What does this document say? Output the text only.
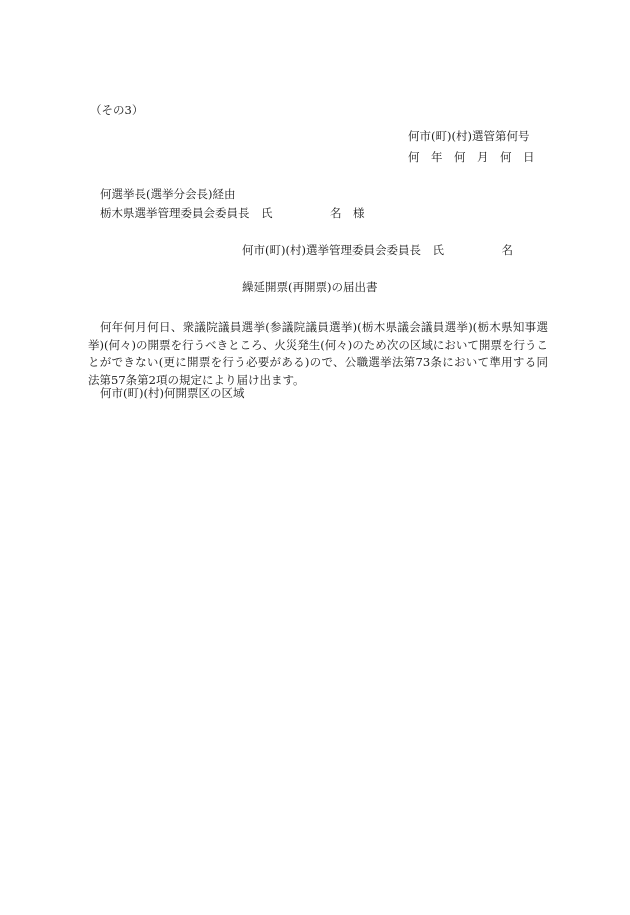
（その3）

何市(町)(村)選管第何号

何　年　何　月　何　日

何選挙長(選挙分会長)経由

栃木県選挙管理委員会委員長　氏　　　　　名　様

何市(町)(村)選挙管理委員会委員長　氏　　　　　名

繰延開票(再開票)の届出書

何年何月何日、衆議院議員選挙(参議院議員選挙)(栃木県議会議員選挙)(栃木県知事選挙)(何々)の開票を行うべきところ、火災発生(何々)のため次の区域において開票を行うことができない(更に開票を行う必要がある)ので、公職選挙法第73条において準用する同法第57条第2項の規定により届け出ます。

何市(町)(村)何開票区の区域
